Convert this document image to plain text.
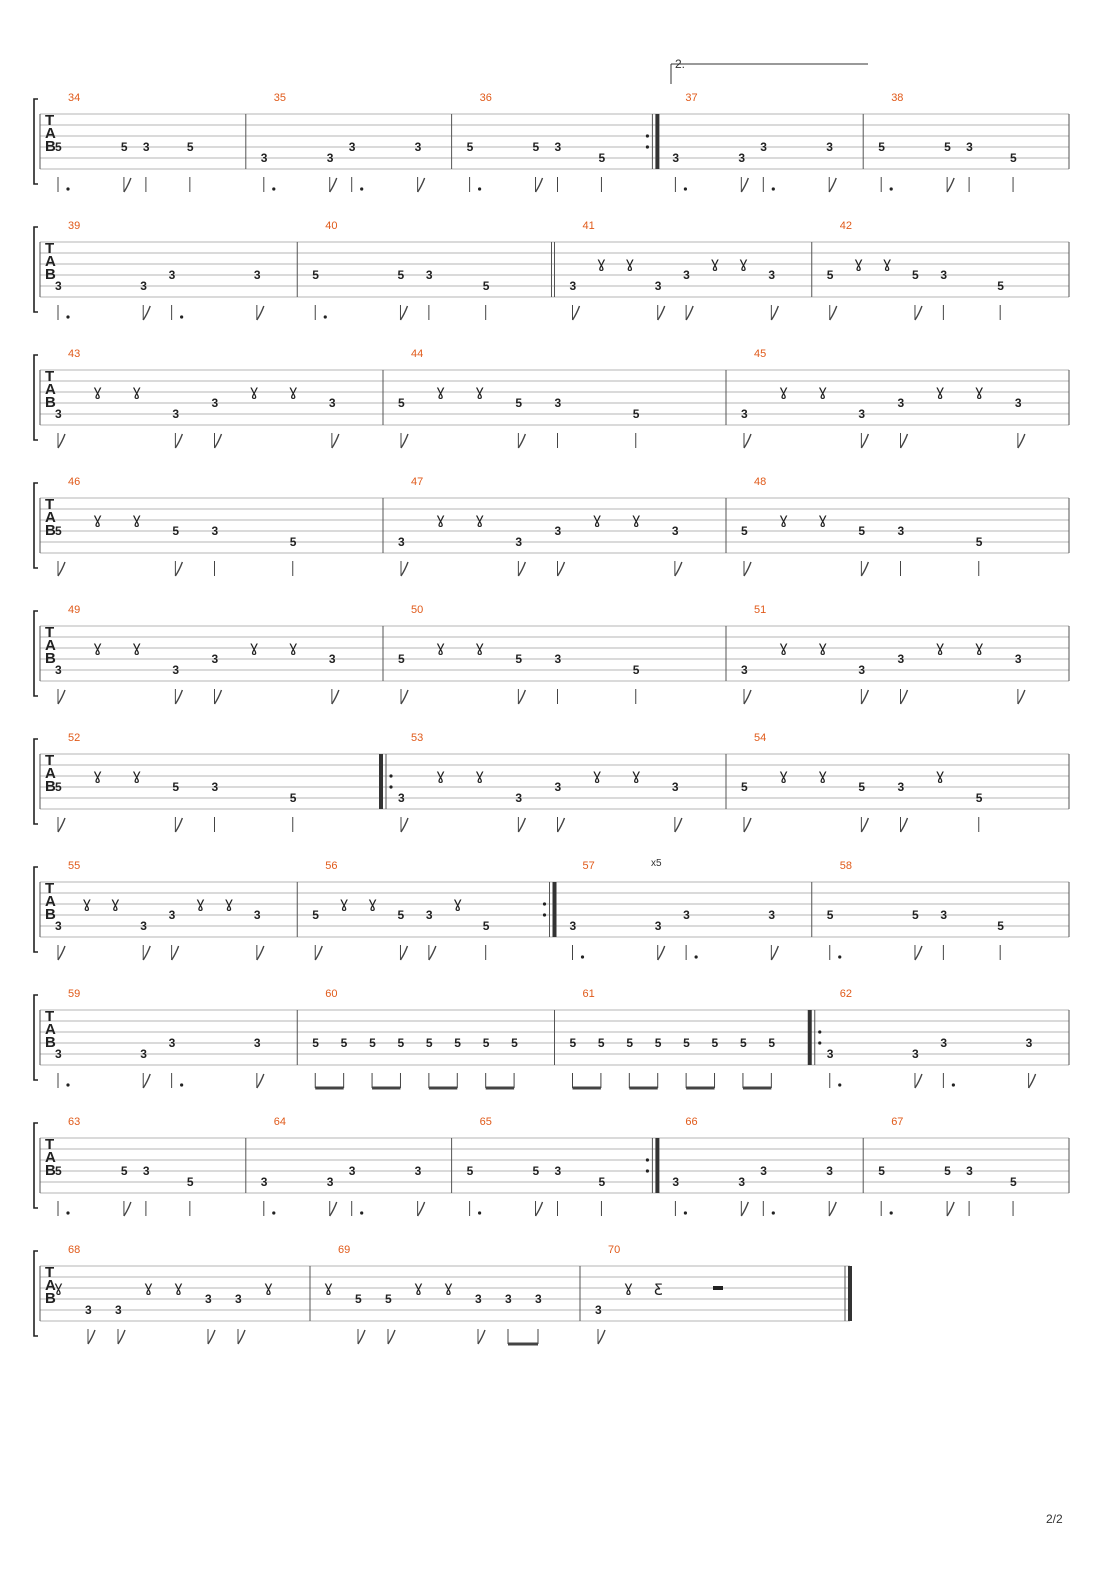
2.
x5
T
A
B
34
5	5 3	5
35
3	3
3	3
36
5	5 3
5
37
3	3
3	3
38
5	5 3
5
T
A
B
39
3	3
3	3
40
5	5 3
5
41
3
ɣ ɣ
3
3
ɣ ɣ
3
42
5
ɣ ɣ
5 3
5
T
A
B
43
3
ɣ ɣ
3
3
ɣ ɣ
3
44
5
ɣ ɣ
5	3
5
45
3
ɣ ɣ
3
3
ɣ ɣ
3
T
A
B
46
5
ɣ ɣ
5	3
5
47
3
ɣ ɣ
3
3
ɣ ɣ
3
48
5
ɣ ɣ
5	3
5
T
A
B
49
3
ɣ ɣ
3
3
ɣ ɣ
3
50
5
ɣ ɣ
5	3
5
51
3
ɣ ɣ
3
3
ɣ ɣ
3
T
A
B
52
5
ɣ ɣ
5	3
5
53
3
ɣ ɣ
3
3
ɣ ɣ
3
54
5
ɣ ɣ
5	3
ɣ
5
T
A
B
55
3
ɣ ɣ
3
3
ɣ ɣ
3
56
5
ɣ ɣ
5 3
ɣ
5
57
3	3
3	3
58
5	5 3
5
T
A
B
59
3	3
3	3
60
5 5 5 5 5 5 5 5
61
5 5 5 5 5 5 5 5
62
3	3
3	3
T
A
B
63
5	5 3
5
64
3	3
3	3
65
5	5 3
5
66
3	3
3	3
67
5	5 3
5
T
A
B
68
ɣ
3 3
ɣ ɣ
3 3
ɣ
69
ɣ
5 5
ɣ ɣ
3 3 3
70
3
ɣ ƹ
2/2
